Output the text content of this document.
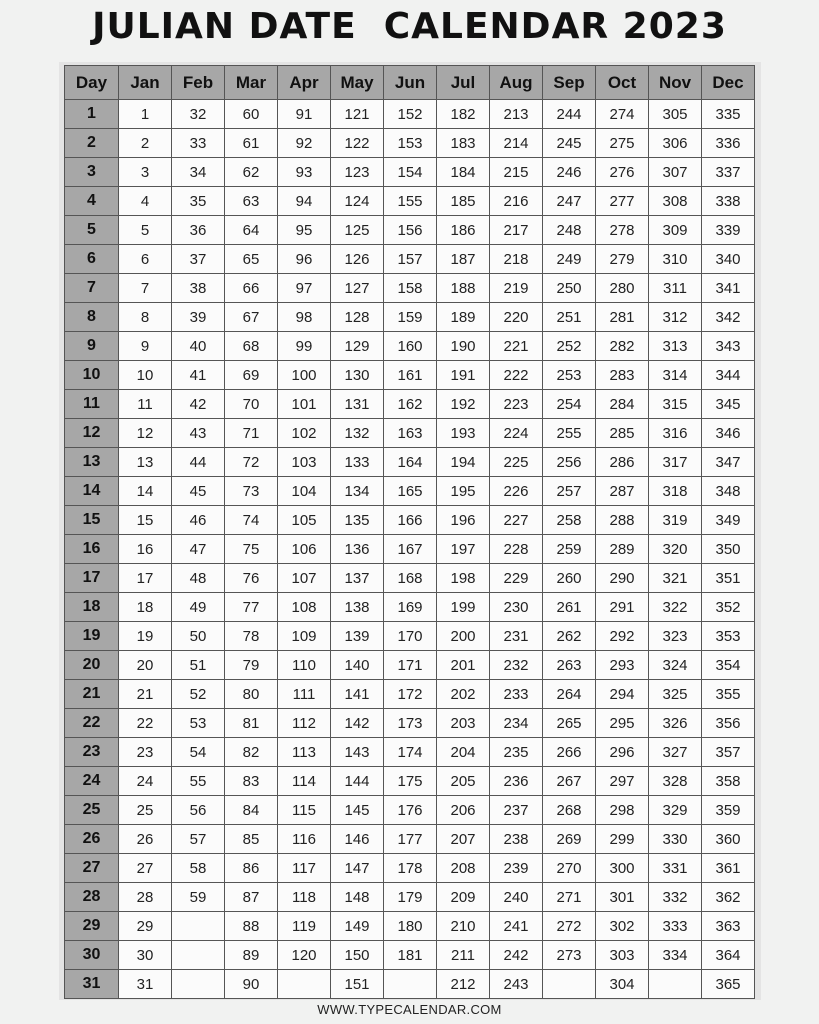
JULIAN DATE  CALENDAR 2023
Day	Jan	Feb	Mar	Apr	May	Jun	Jul	Aug	Sep	Oct	Nov	Dec
1	1	32	60	91	121	152	182	213	244	274	305	335
2	2	33	61	92	122	153	183	214	245	275	306	336
3	3	34	62	93	123	154	184	215	246	276	307	337
4	4	35	63	94	124	155	185	216	247	277	308	338
5	5	36	64	95	125	156	186	217	248	278	309	339
6	6	37	65	96	126	157	187	218	249	279	310	340
7	7	38	66	97	127	158	188	219	250	280	311	341
8	8	39	67	98	128	159	189	220	251	281	312	342
9	9	40	68	99	129	160	190	221	252	282	313	343
10	10	41	69	100	130	161	191	222	253	283	314	344
11	11	42	70	101	131	162	192	223	254	284	315	345
12	12	43	71	102	132	163	193	224	255	285	316	346
13	13	44	72	103	133	164	194	225	256	286	317	347
14	14	45	73	104	134	165	195	226	257	287	318	348
15	15	46	74	105	135	166	196	227	258	288	319	349
16	16	47	75	106	136	167	197	228	259	289	320	350
17	17	48	76	107	137	168	198	229	260	290	321	351
18	18	49	77	108	138	169	199	230	261	291	322	352
19	19	50	78	109	139	170	200	231	262	292	323	353
20	20	51	79	110	140	171	201	232	263	293	324	354
21	21	52	80	111	141	172	202	233	264	294	325	355
22	22	53	81	112	142	173	203	234	265	295	326	356
23	23	54	82	113	143	174	204	235	266	296	327	357
24	24	55	83	114	144	175	205	236	267	297	328	358
25	25	56	84	115	145	176	206	237	268	298	329	359
26	26	57	85	116	146	177	207	238	269	299	330	360
27	27	58	86	117	147	178	208	239	270	300	331	361
28	28	59	87	118	148	179	209	240	271	301	332	362
29	29		88	119	149	180	210	241	272	302	333	363
30	30		89	120	150	181	211	242	273	303	334	364
31	31		90		151		212	243		304		365
WWW.TYPECALENDAR.COM
